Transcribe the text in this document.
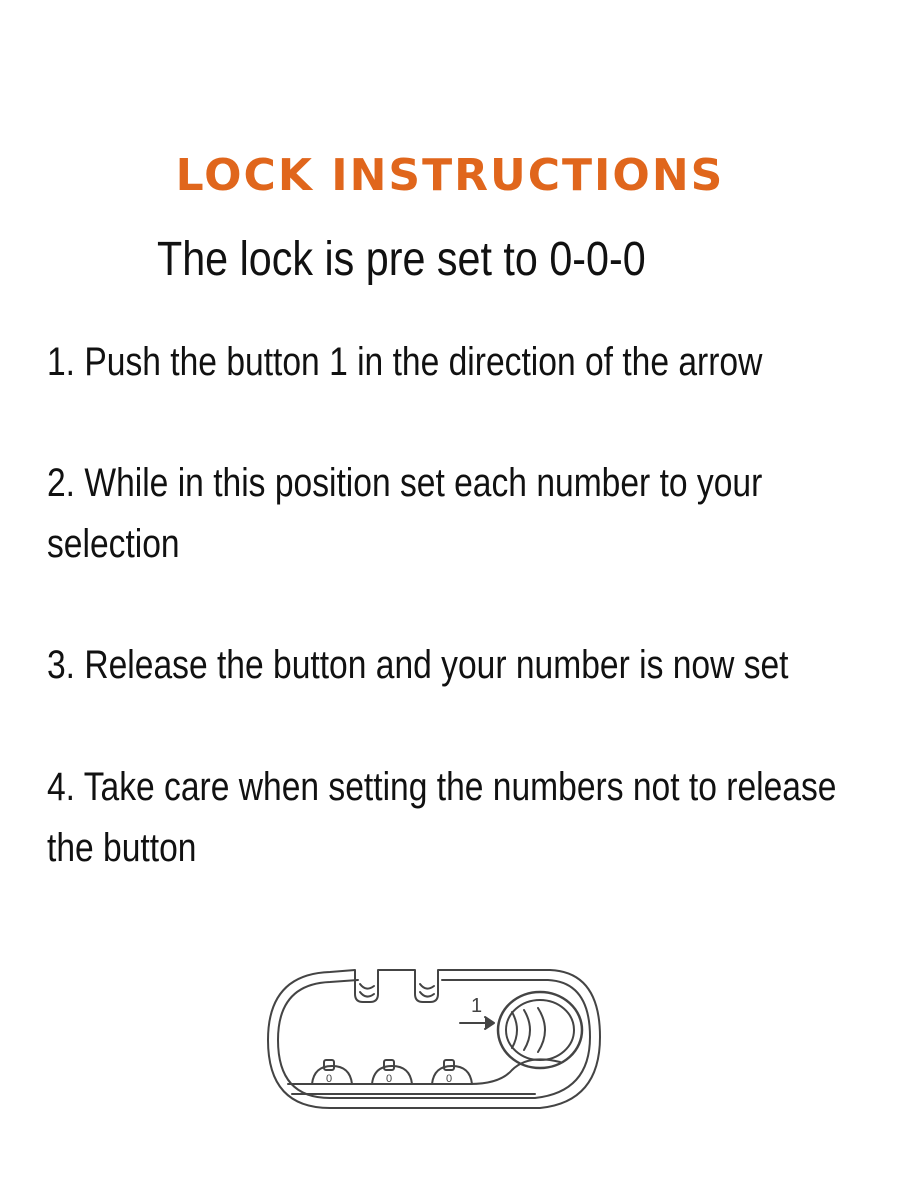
LOCK INSTRUCTIONS

The lock is pre set to 0-0-0

1. Push the button 1 in the direction of the arrow

2. While in this position set each number to your selection

3. Release the button and your number is now set

4. Take care when setting the numbers not to release the button

1
0	0	0
